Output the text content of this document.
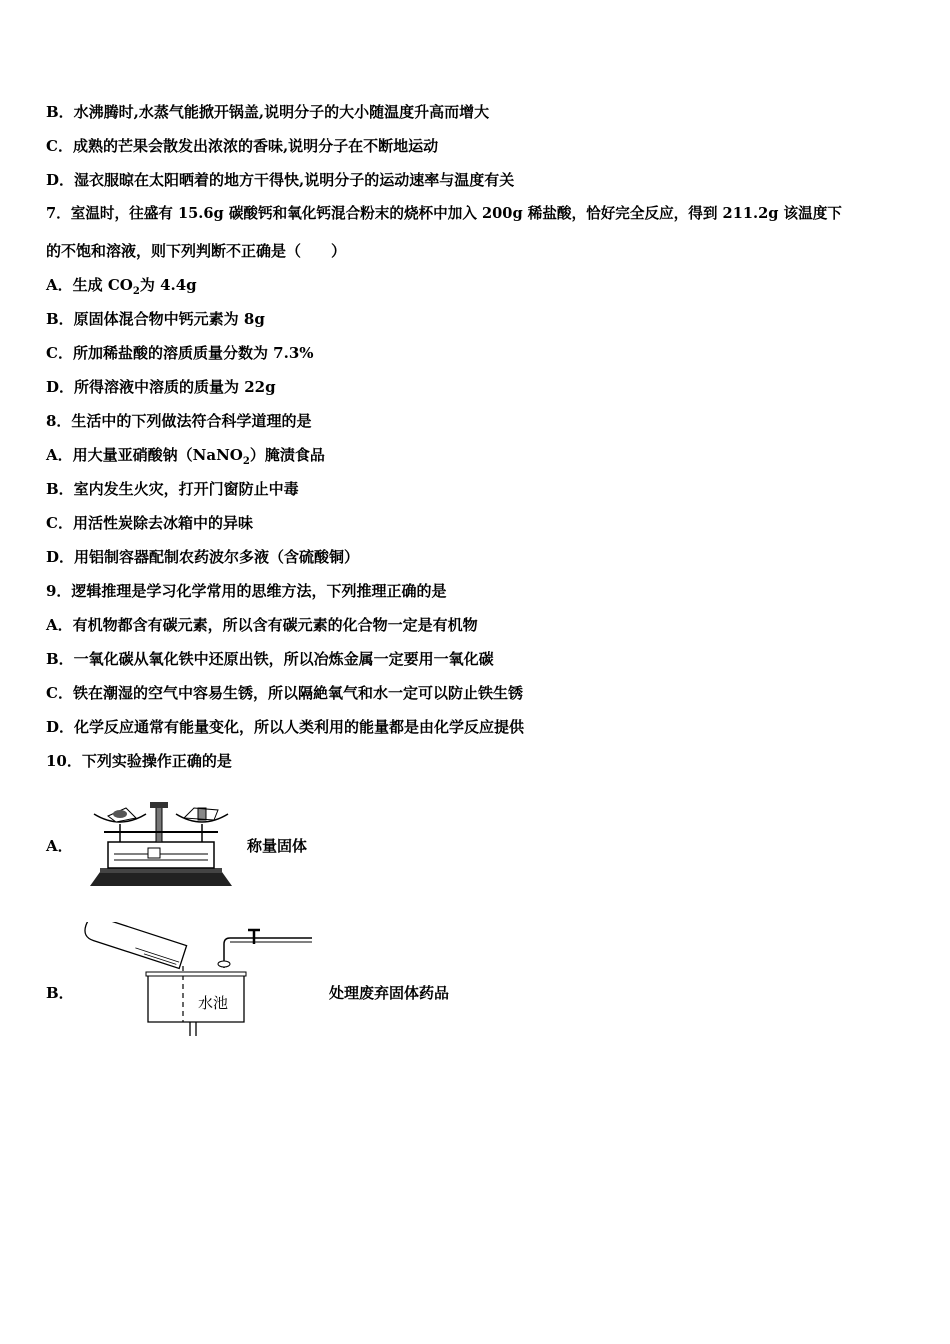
B．水沸腾时,水蒸气能掀开锅盖,说明分子的大小随温度升高而增大
C．成熟的芒果会散发出浓浓的香味,说明分子在不断地运动
D．湿衣服晾在太阳晒着的地方干得快,说明分子的运动速率与温度有关
7．室温时，往盛有 15.6g 碳酸钙和氧化钙混合粉末的烧杯中加入 200g 稀盐酸，恰好完全反应，得到 211.2g 该温度下
的不饱和溶液，则下列判断不正确是（　　）
A．生成 $CO_2$为 4.4g
B．原固体混合物中钙元素为 8g
C．所加稀盐酸的溶质质量分数为 7.3%
D．所得溶液中溶质的质量为 22g
8．生活中的下列做法符合科学道理的是
A．用大量亚硝酸钠（NaNO$_2$）腌渍食品
B．室内发生火灾，打开门窗防止中毒
C．用活性炭除去冰箱中的异味
D．用铝制容器配制农药波尔多液（含硫酸铜）
9．逻辑推理是学习化学常用的思维方法，下列推理正确的是
A．有机物都含有碳元素，所以含有碳元素的化合物一定是有机物
B．一氧化碳从氧化铁中还原出铁，所以冶炼金属一定要用一氧化碳
C．铁在潮湿的空气中容易生锈，所以隔絶氧气和水一定可以防止铁生锈
D．化学反应通常有能量变化，所以人类利用的能量都是由化学反应提供
10．下列实验操作正确的是
A．	称量固体
B．
水池
处理废弃固体药品
